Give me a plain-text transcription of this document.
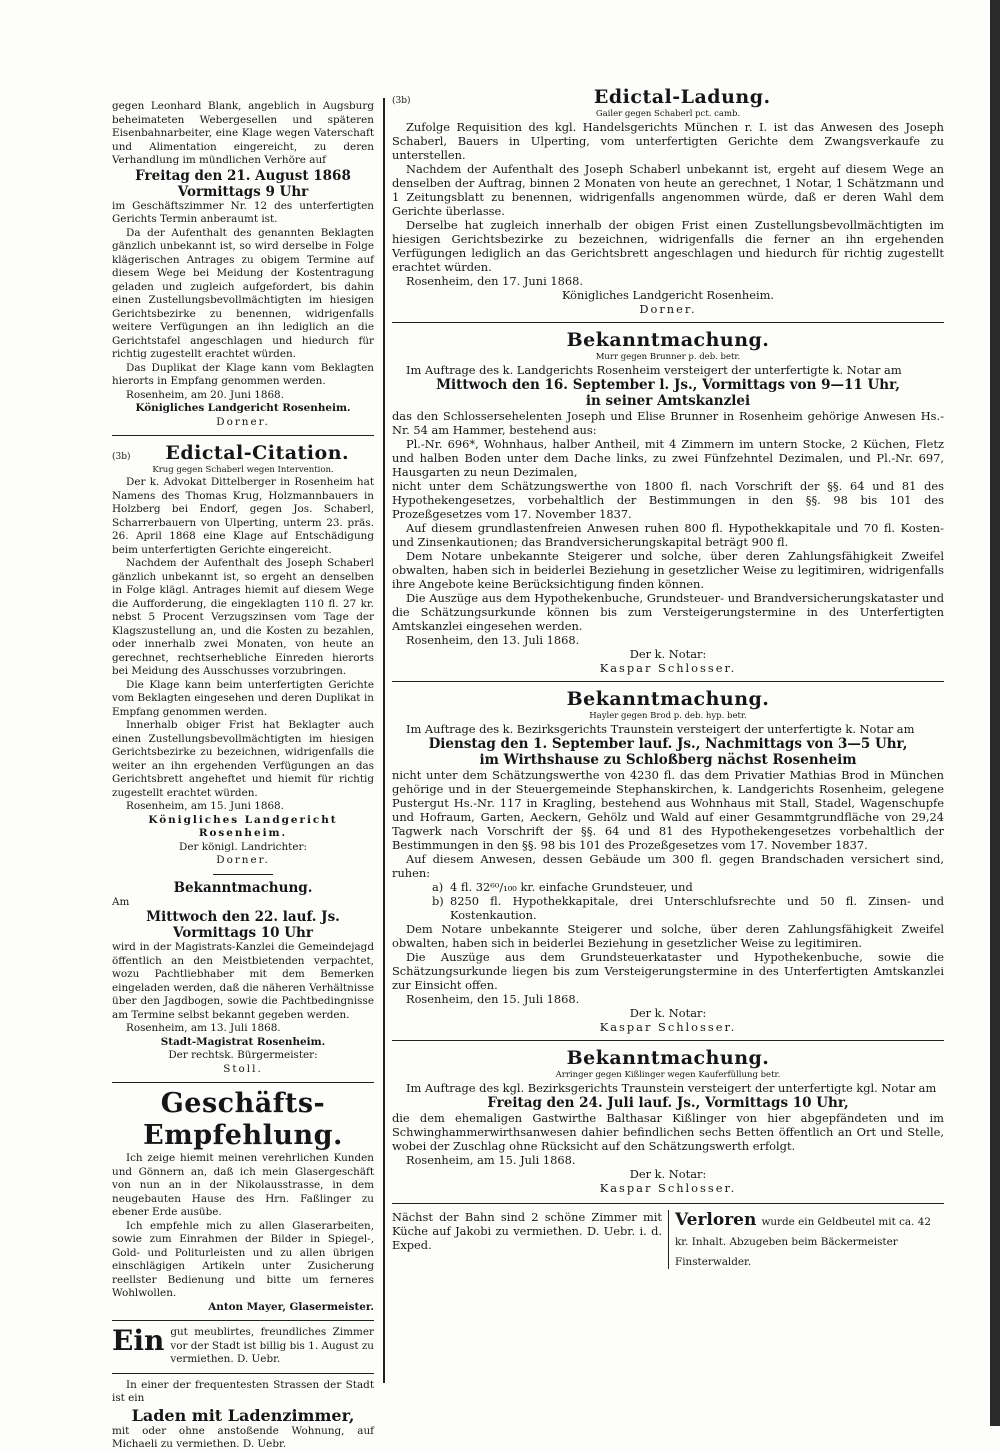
gegen Leonhard Blank, angeblich in Augsburg beheimateten Webergesellen und späteren Eisenbahnarbeiter, eine Klage wegen Vaterschaft und Alimentation eingereicht, zu deren Verhandlung im mündlichen Verhöre auf

Freitag den 21. August 1868

Vormittags 9 Uhr

im Geschäftszimmer Nr. 12 des unterfertigten Gerichts Termin anberaumt ist.

Da der Aufenthalt des genannten Beklagten gänzlich unbekannt ist, so wird derselbe in Folge klägerischen Antrages zu obigem Termine auf diesem Wege bei Meidung der Kostentragung geladen und zugleich aufgefordert, bis dahin einen Zustellungsbevollmächtigten im hiesigen Gerichtsbezirke zu benennen, widrigenfalls weitere Verfügungen an ihn lediglich an die Gerichtstafel angeschlagen und hiedurch für richtig zugestellt erachtet würden.

Das Duplikat der Klage kann vom Beklagten hierorts in Empfang genommen werden.

Rosenheim, am 20. Juni 1868.

Königliches Landgericht Rosenheim.

Dorner.

(3b)	Edictal-Citation.

Krug gegen Schaberl wegen Intervention.

Der k. Advokat Dittelberger in Rosenheim hat Namens des Thomas Krug, Holzmannbauers in Holzberg bei Endorf, gegen Jos. Schaberl, Scharrerbauern von Ulperting, unterm 23. präs. 26. April 1868 eine Klage auf Entschädigung beim unterfertigten Gerichte eingereicht.

Nachdem der Aufenthalt des Joseph Schaberl gänzlich unbekannt ist, so ergeht an denselben in Folge klägl. Antrages hiemit auf diesem Wege die Aufforderung, die eingeklagten 110 fl. 27 kr. nebst 5 Procent Verzugszinsen vom Tage der Klagszustellung an, und die Kosten zu bezahlen, oder innerhalb zwei Monaten, von heute an gerechnet, rechtserhebliche Einreden hierorts bei Meidung des Ausschusses vorzubringen.

Die Klage kann beim unterfertigten Gerichte vom Beklagten eingesehen und deren Duplikat in Empfang genommen werden.

Innerhalb obiger Frist hat Beklagter auch einen Zustellungsbevollmächtigten im hiesigen Gerichtsbezirke zu bezeichnen, widrigenfalls die weiter an ihn ergehenden Verfügungen an das Gerichtsbrett angeheftet und hiemit für richtig zugestellt erachtet würden.

Rosenheim, am 15. Juni 1868.

Königliches Landgericht Rosenheim.

Der königl. Landrichter:

Dorner.

Bekanntmachung.

Am

Mittwoch den 22. lauf. Js.

Vormittags 10 Uhr

wird in der Magistrats-Kanzlei die Gemeindejagd öffentlich an den Meistbietenden verpachtet, wozu Pachtliebhaber mit dem Bemerken eingeladen werden, daß die näheren Verhältnisse über den Jagdbogen, sowie die Pachtbedingnisse am Termine selbst bekannt gegeben werden.

Rosenheim, am 13. Juli 1868.

Stadt-Magistrat Rosenheim.

Der rechtsk. Bürgermeister:

Stoll.

Geschäfts-Empfehlung.

Ich zeige hiemit meinen verehrlichen Kunden und Gönnern an, daß ich mein Glasergeschäft von nun an in der Nikolausstrasse, in dem neugebauten Hause des Hrn. Faßlinger zu ebener Erde ausübe.

Ich empfehle mich zu allen Glaserarbeiten, sowie zum Einrahmen der Bilder in Spiegel-, Gold- und Politurleisten und zu allen übrigen einschlägigen Artikeln unter Zusicherung reellster Bedienung und bitte um ferneres Wohlwollen.

Anton Mayer, Glasermeister.

Ein gut meublirtes, freundliches Zimmer vor der Stadt ist billig bis 1. August zu vermiethen. D. Uebr.

In einer der frequentesten Strassen der Stadt ist ein

Laden mit Ladenzimmer,

mit oder ohne anstoßende Wohnung, auf Michaeli zu vermiethen. D. Uebr.

(3b)	Edictal-Ladung.

Gailer gegen Schaberl pct. camb.

Zufolge Requisition des kgl. Handelsgerichts München r. I. ist das Anwesen des Joseph Schaberl, Bauers in Ulperting, vom unterfertigten Gerichte dem Zwangsverkaufe zu unterstellen.

Nachdem der Aufenthalt des Joseph Schaberl unbekannt ist, ergeht auf diesem Wege an denselben der Auftrag, binnen 2 Monaten von heute an gerechnet, 1 Notar, 1 Schätzmann und 1 Zeitungsblatt zu benennen, widrigenfalls angenommen würde, daß er deren Wahl dem Gerichte überlasse.

Derselbe hat zugleich innerhalb der obigen Frist einen Zustellungsbevollmächtigten im hiesigen Gerichtsbezirke zu bezeichnen, widrigenfalls die ferner an ihn ergehenden Verfügungen lediglich an das Gerichtsbrett angeschlagen und hiedurch für richtig zugestellt erachtet würden.

Rosenheim, den 17. Juni 1868.

Königliches Landgericht Rosenheim.

Dorner.

Bekanntmachung.

Murr gegen Brunner p. deb. betr.

Im Auftrage des k. Landgerichts Rosenheim versteigert der unterfertigte k. Notar am

Mittwoch den 16. September l. Js., Vormittags von 9—11 Uhr,

in seiner Amtskanzlei

das den Schlossersehelenten Joseph und Elise Brunner in Rosenheim gehörige Anwesen Hs.-Nr. 54 am Hammer, bestehend aus:

Pl.-Nr. 696*, Wohnhaus, halber Antheil, mit 4 Zimmern im untern Stocke, 2 Küchen, Fletz und halben Boden unter dem Dache links, zu zwei Fünfzehntel Dezimalen, und Pl.-Nr. 697, Hausgarten zu neun Dezimalen,

nicht unter dem Schätzungswerthe von 1800 fl. nach Vorschrift der §§. 64 und 81 des Hypothekengesetzes, vorbehaltlich der Bestimmungen in den §§. 98 bis 101 des Prozeßgesetzes vom 17. November 1837.

Auf diesem grundlastenfreien Anwesen ruhen 800 fl. Hypothekkapitale und 70 fl. Kosten- und Zinsenkautionen; das Brandversicherungskapital beträgt 900 fl.

Dem Notare unbekannte Steigerer und solche, über deren Zahlungsfähigkeit Zweifel obwalten, haben sich in beiderlei Beziehung in gesetzlicher Weise zu legitimiren, widrigenfalls ihre Angebote keine Berücksichtigung finden können.

Die Auszüge aus dem Hypothekenbuche, Grundsteuer- und Brandversicherungskataster und die Schätzungsurkunde können bis zum Versteigerungstermine in des Unterfertigten Amtskanzlei eingesehen werden.

Rosenheim, den 13. Juli 1868.

Der k. Notar:

Kaspar Schlosser.

Bekanntmachung.

Hayler gegen Brod p. deb. hyp. betr.

Im Auftrage des k. Bezirksgerichts Traunstein versteigert der unterfertigte k. Notar am

Dienstag den 1. September lauf. Js., Nachmittags von 3—5 Uhr,

im Wirthshause zu Schloßberg nächst Rosenheim

nicht unter dem Schätzungswerthe von 4230 fl. das dem Privatier Mathias Brod in München gehörige und in der Steuergemeinde Stephanskirchen, k. Landgerichts Rosenheim, gelegene Pustergut Hs.-Nr. 117 in Kragling, bestehend aus Wohnhaus mit Stall, Stadel, Wagenschupfe und Hofraum, Garten, Aeckern, Gehölz und Wald auf einer Gesammtgrundfläche von 29,24 Tagwerk nach Vorschrift der §§. 64 und 81 des Hypothekengesetzes vorbehaltlich der Bestimmungen in den §§. 98 bis 101 des Prozeßgesetzes vom 17. November 1837.

Auf diesem Anwesen, dessen Gebäude um 300 fl. gegen Brandschaden versichert sind, ruhen:

a) 4 fl. 32⁶⁰/₁₀₀ kr. einfache Grundsteuer, und
b) 8250 fl. Hypothekkapitale, drei Unterschlufsrechte und 50 fl. Zinsen- und Kostenkaution.

Dem Notare unbekannte Steigerer und solche, über deren Zahlungsfähigkeit Zweifel obwalten, haben sich in beiderlei Beziehung in gesetzlicher Weise zu legitimiren.

Die Auszüge aus dem Grundsteuerkataster und Hypothekenbuche, sowie die Schätzungsurkunde liegen bis zum Versteigerungstermine in des Unterfertigten Amtskanzlei zur Einsicht offen.

Rosenheim, den 15. Juli 1868.

Der k. Notar:

Kaspar Schlosser.

Bekanntmachung.

Arringer gegen Kißlinger wegen Kauferfüllung betr.

Im Auftrage des kgl. Bezirksgerichts Traunstein versteigert der unterfertigte kgl. Notar am

Freitag den 24. Juli lauf. Js., Vormittags 10 Uhr,

die dem ehemaligen Gastwirthe Balthasar Kißlinger von hier abgepfändeten und im Schwinghammerwirthsanwesen dahier befindlichen sechs Betten öffentlich an Ort und Stelle, wobei der Zuschlag ohne Rücksicht auf den Schätzungswerth erfolgt.

Rosenheim, am 15. Juli 1868.

Der k. Notar:

Kaspar Schlosser.

Nächst der Bahn sind 2 schöne Zimmer mit Küche auf Jakobi zu vermiethen. D. Uebr. i. d. Exped.

Verloren wurde ein Geldbeutel mit ca. 42 kr. Inhalt. Abzugeben beim Bäckermeister Finsterwalder.
